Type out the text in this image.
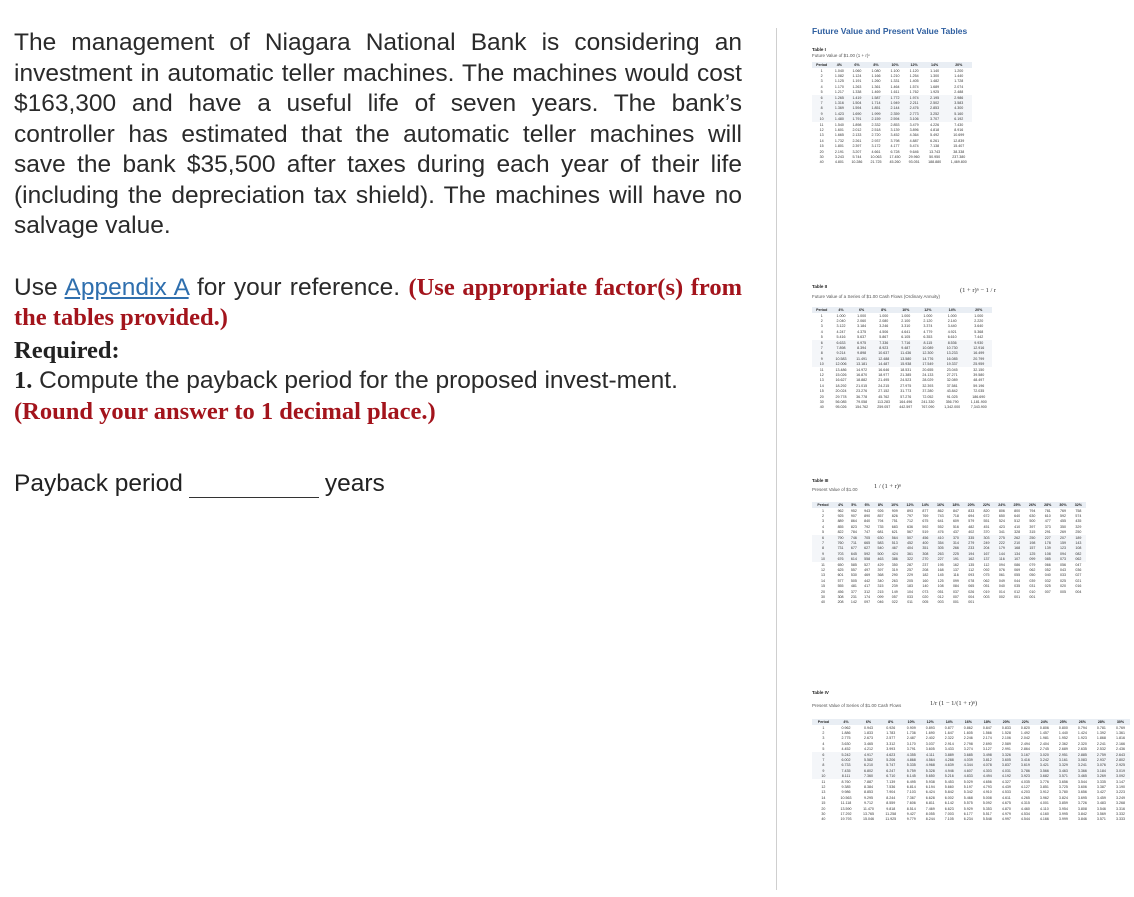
The management of Niagara National Bank is considering an investment in automatic teller machines. The machines would cost $163,300 and have a useful life of seven years. The bank’s controller has estimated that the automatic teller machines will save the bank $35,500 after taxes during each year of their life (including the depreciation tax shield). The machines will have no salvage value.

Use Appendix A for your reference. (Use appropriate factor(s) from the tables provided.)

Required:

1. Compute the payback period for the proposed invest-ment. (Round your answer to 1 decimal place.)

Payback period	years
Future Value and Present Value Tables
Table I
Future Value of $1.00 (1 + r)ⁿ
Period	4%	6%	8%	10%	12%	14%	20%
1	1.040	1.060	1.080	1.100	1.120	1.140	1.200
2	1.082	1.124	1.166	1.210	1.254	1.300	1.440
3	1.125	1.191	1.260	1.331	1.405	1.482	1.728
4	1.170	1.263	1.361	1.464	1.574	1.689	2.074
5	1.217	1.338	1.469	1.611	1.762	1.925	2.488
6	1.265	1.419	1.587	1.772	1.974	2.195	2.986
7	1.316	1.504	1.714	1.949	2.211	2.502	3.583
8	1.369	1.594	1.851	2.144	2.476	2.853	4.300
9	1.423	1.690	1.999	2.359	2.773	3.252	5.160
10	1.480	1.791	2.159	2.594	3.106	3.707	6.192
11	1.540	1.898	2.332	2.853	3.479	4.226	7.430
12	1.601	2.012	2.518	3.139	3.896	4.818	8.916
13	1.665	2.133	2.720	3.452	4.364	5.492	10.699
14	1.732	2.261	2.937	3.798	4.887	6.261	12.839
15	1.801	2.397	3.172	4.177	5.474	7.138	15.407
20	2.191	3.207	4.661	6.728	9.646	13.743	38.338
30	3.243	5.744	10.063	17.450	29.960	50.950	237.380
40	4.801	10.286	21.725	45.260	93.051	188.880	1,469.800
Table II
Future Value of a Series of $1.00 Cash Flows (Ordinary Annuity)
(1 + r)ⁿ − 1 / r
Period	4%	6%	8%	10%	12%	14%	20%
1	1.000	1.000	1.000	1.000	1.000	1.000	1.000
2	2.040	2.060	2.080	2.100	2.120	2.140	2.220
3	3.122	3.184	3.246	3.310	3.374	3.440	3.640
4	4.247	4.375	4.506	4.641	4.779	4.921	5.368
5	5.416	5.637	5.867	6.105	6.353	6.610	7.442
6	6.633	6.975	7.336	7.716	8.115	8.536	9.930
7	7.898	8.394	8.923	9.487	10.089	10.730	12.916
8	9.214	9.898	10.637	11.436	12.300	13.233	16.499
9	10.583	11.491	12.488	13.580	14.776	16.085	20.799
10	12.006	13.181	14.487	15.938	17.549	19.337	25.959
11	13.486	14.972	16.646	18.531	20.655	23.045	32.150
12	15.026	16.870	18.977	21.385	24.133	27.271	39.580
13	16.627	18.882	21.495	24.523	28.029	32.089	48.497
14	18.292	21.015	24.215	27.975	32.393	37.581	59.196
15	20.024	23.276	27.152	31.773	37.280	43.842	72.035
20	29.778	36.778	45.762	57.276	72.052	91.025	186.690
30	56.085	79.058	113.283	164.496	241.330	356.790	1,181.900
40	95.026	154.762	259.057	442.597	767.090	1,342.000	7,343.900
Table III
Present Value of $1.00	1 / (1 + r)ⁿ
Period	4%	5%	6%	8%	10%	12%	14%	16%	18%	20%	22%	24%	25%	26%	28%	30%	32%
1	962	952	943	926	909	893	877	862	847	833	820	806	800	794	781	769	758
2	925	907	890	857	826	797	769	743	718	694	672	650	640	630	610	592	574
3	889	864	840	794	751	712	675	641	609	579	551	524	512	500	477	455	435
4	855	823	792	735	683	636	592	552	516	482	451	423	410	397	373	350	329
5	822	784	747	681	621	567	519	476	437	402	370	341	328	315	291	269	250
6	790	746	705	630	564	507	456	410	370	335	303	275	262	250	227	207	189
7	760	711	665	583	513	452	400	354	314	279	249	222	210	198	178	159	143
8	731	677	627	540	467	404	351	305	266	233	204	179	168	157	139	123	108
9	703	645	592	500	424	361	308	263	225	194	167	144	134	125	108	094	082
10	676	614	558	463	386	322	270	227	191	162	137	116	107	099	085	073	062
11	650	585	527	429	350	287	237	195	162	135	112	094	086	079	066	056	047
12	625	557	497	397	319	257	208	168	137	112	092	076	069	062	052	043	036
13	601	530	469	368	290	229	182	145	116	093	075	061	055	050	040	033	027
14	577	505	442	340	263	205	160	125	099	078	062	049	044	039	032	025	021
15	555	481	417	315	239	183	140	108	084	065	051	040	035	031	025	020	016
20	456	377	312	215	149	104	073	051	037	026	019	014	012	010	007	005	004
30	308	231	174	099	057	033	020	012	007	004	003	002	001	001			
40	208	142	097	046	022	011	005	003	001	001							
Table IV
Present Value of Series of $1.00 Cash Flows	1/r (1 − 1/(1 + r)ⁿ)
Period	4%	6%	8%	10%	12%	14%	16%	18%	20%	22%	24%	25%	26%	28%	30%
1	0.962	0.943	0.926	0.909	0.893	0.877	0.862	0.847	0.833	0.820	0.806	0.800	0.794	0.781	0.769
2	1.886	1.833	1.783	1.736	1.690	1.647	1.605	1.566	1.528	1.492	1.457	1.440	1.424	1.392	1.361
3	2.775	2.673	2.577	2.487	2.402	2.322	2.246	2.174	2.106	2.042	1.981	1.952	1.923	1.868	1.816
4	3.630	3.465	3.312	3.170	3.037	2.914	2.798	2.690	2.589	2.494	2.404	2.362	2.320	2.241	2.166
5	4.452	4.212	3.993	3.791	3.605	3.433	3.274	3.127	2.991	2.864	2.745	2.689	2.635	2.532	2.436
6	5.242	4.917	4.623	4.355	4.111	3.889	3.685	3.498	3.326	3.167	3.020	2.951	2.885	2.759	2.643
7	6.002	5.582	5.206	4.868	4.564	4.288	4.039	3.812	3.605	3.416	3.242	3.161	3.083	2.937	2.802
8	6.733	6.210	5.747	5.335	4.968	4.639	4.344	4.078	3.837	3.619	3.421	3.329	3.241	3.076	2.925
9	7.435	6.802	6.247	5.759	5.328	4.946	4.607	4.303	4.031	3.786	3.566	3.463	3.366	3.184	3.019
10	8.111	7.360	6.710	6.145	5.650	5.216	4.833	4.494	4.192	3.923	3.682	3.571	3.465	3.269	3.092
11	8.760	7.887	7.139	6.495	5.938	5.453	5.029	4.656	4.327	4.035	3.776	3.656	3.544	3.335	3.147
12	9.385	8.384	7.536	6.814	6.194	5.660	5.197	4.793	4.439	4.127	3.851	3.725	3.606	3.387	3.190
13	9.986	8.853	7.904	7.103	6.424	5.842	5.342	4.910	4.533	4.203	3.912	3.780	3.656	3.427	3.223
14	10.563	9.295	8.244	7.367	6.628	6.002	5.468	5.008	4.611	4.265	3.962	3.824	3.695	3.459	3.249
15	11.118	9.712	8.559	7.606	6.811	6.142	5.575	5.092	4.675	4.315	4.001	3.859	3.726	3.483	3.268
20	13.590	11.470	9.818	8.514	7.469	6.623	5.929	5.353	4.870	4.460	4.110	3.954	3.808	3.546	3.316
30	17.292	13.765	11.258	9.427	8.055	7.003	6.177	5.517	4.979	4.534	4.160	3.995	3.842	3.569	3.332
40	19.793	15.046	11.925	9.779	8.244	7.105	6.234	5.548	4.997	4.544	4.166	3.999	3.846	3.571	3.333
